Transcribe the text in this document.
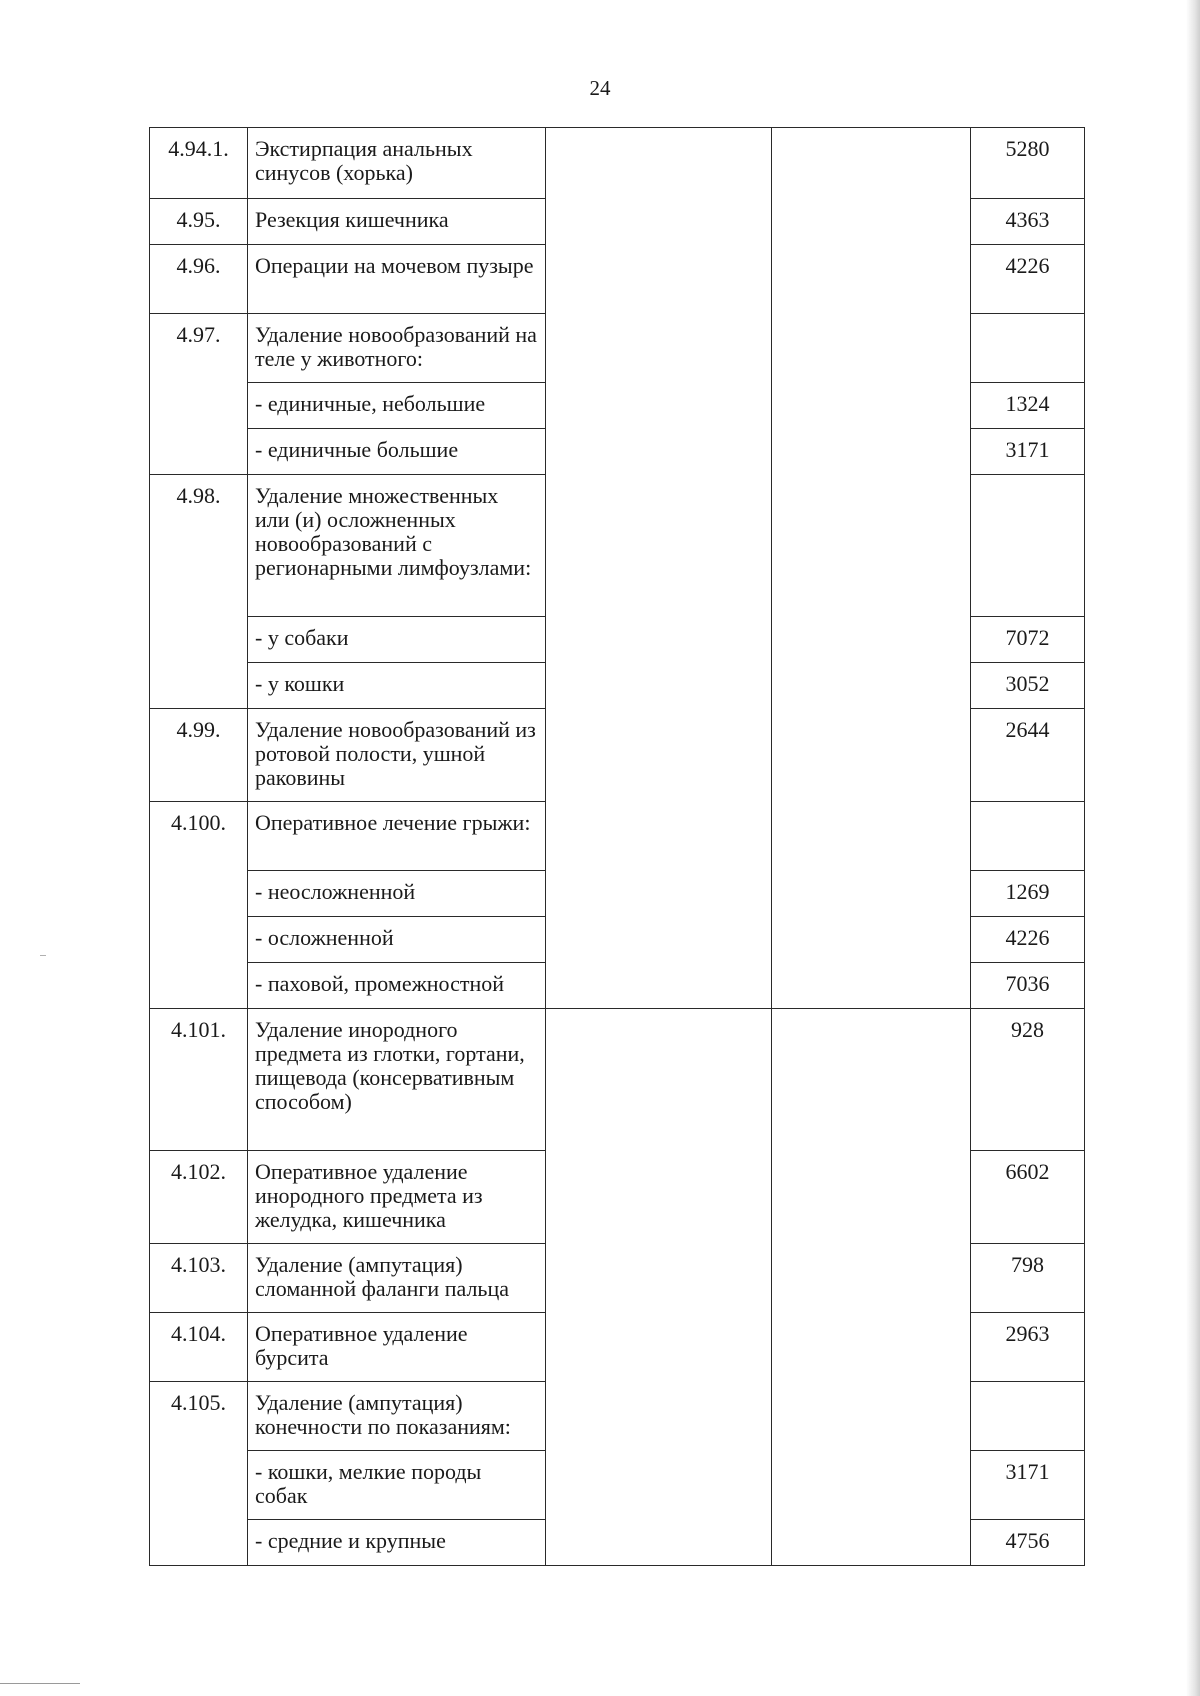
24
4.94.1.	Экстирпация анальных синусов (хорька)			5280
4.95.	Резекция кишечника			4363
4.96.	Операции на мочевом пузыре			4226
4.97.	Удаление новообразований на теле у животного:			
	- единичные, небольшие			1324
	- единичные большие			3171
4.98.	Удаление множественных или (и) осложненных новообразований с регионарными лимфоузлами:			
	- у собаки			7072
	- у кошки			3052
4.99.	Удаление новообразований из ротовой полости, ушной раковины			2644
4.100.	Оперативное лечение грыжи:			
	- неосложненной			1269
	- осложненной			4226
	- паховой, промежностной			7036
4.101.	Удаление инородного предмета из глотки, гортани, пищевода (консервативным способом)			928
4.102.	Оперативное удаление инородного предмета из желудка, кишечника			6602
4.103.	Удаление (ампутация) сломанной фаланги пальца			798
4.104.	Оперативное удаление бурсита			2963
4.105.	Удаление (ампутация) конечности по показаниям:			
	- кошки, мелкие породы собак			3171
	- средние и крупные			4756
